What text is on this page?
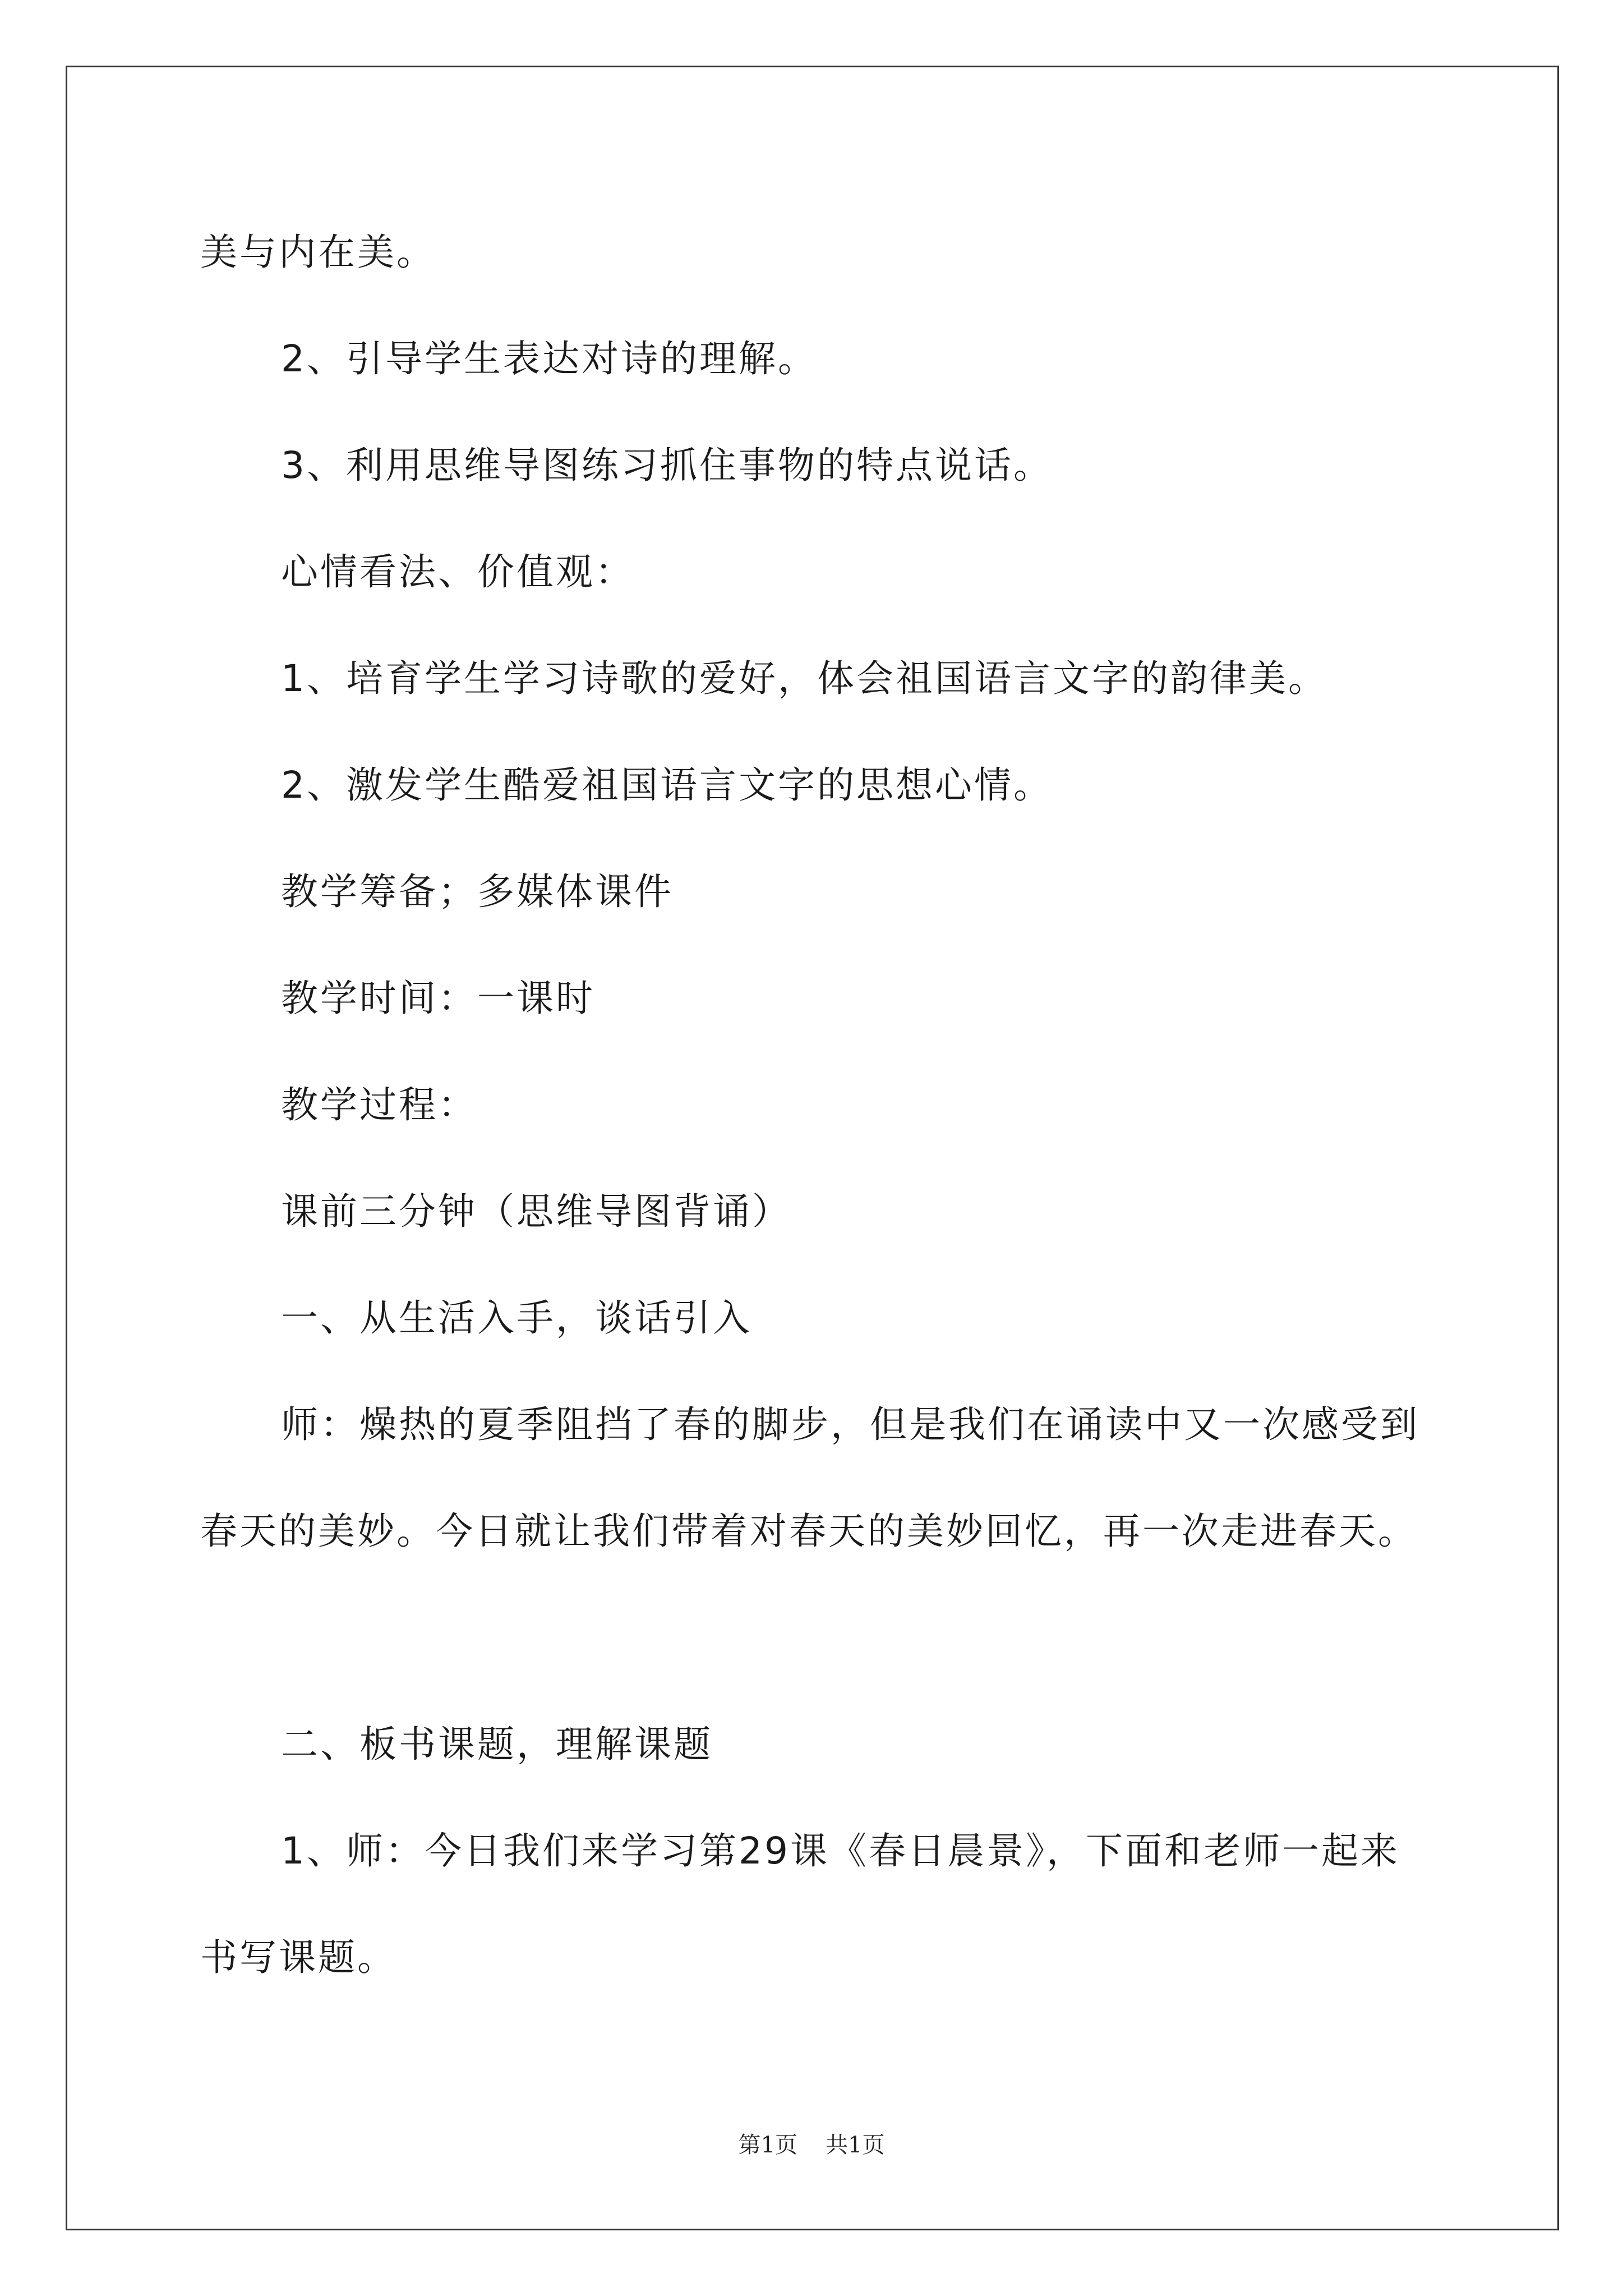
美与内在美。

2、引导学生表达对诗的理解。

3、利用思维导图练习抓住事物的特点说话。

心情看法、价值观：

1、培育学生学习诗歌的爱好，体会祖国语言文字的韵律美。

2、激发学生酷爱祖国语言文字的思想心情。

教学筹备；多媒体课件

教学时间：一课时

教学过程：

课前三分钟（思维导图背诵）

一、从生活入手，谈话引入

师：燥热的夏季阻挡了春的脚步，但是我们在诵读中又一次感受到春天的美妙。今日就让我们带着对春天的美妙回忆，再一次走进春天。

二、板书课题，理解课题

1、师：今日我们来学习第29课《春日晨景》，下面和老师一起来书写课题。

第1页 共1页
